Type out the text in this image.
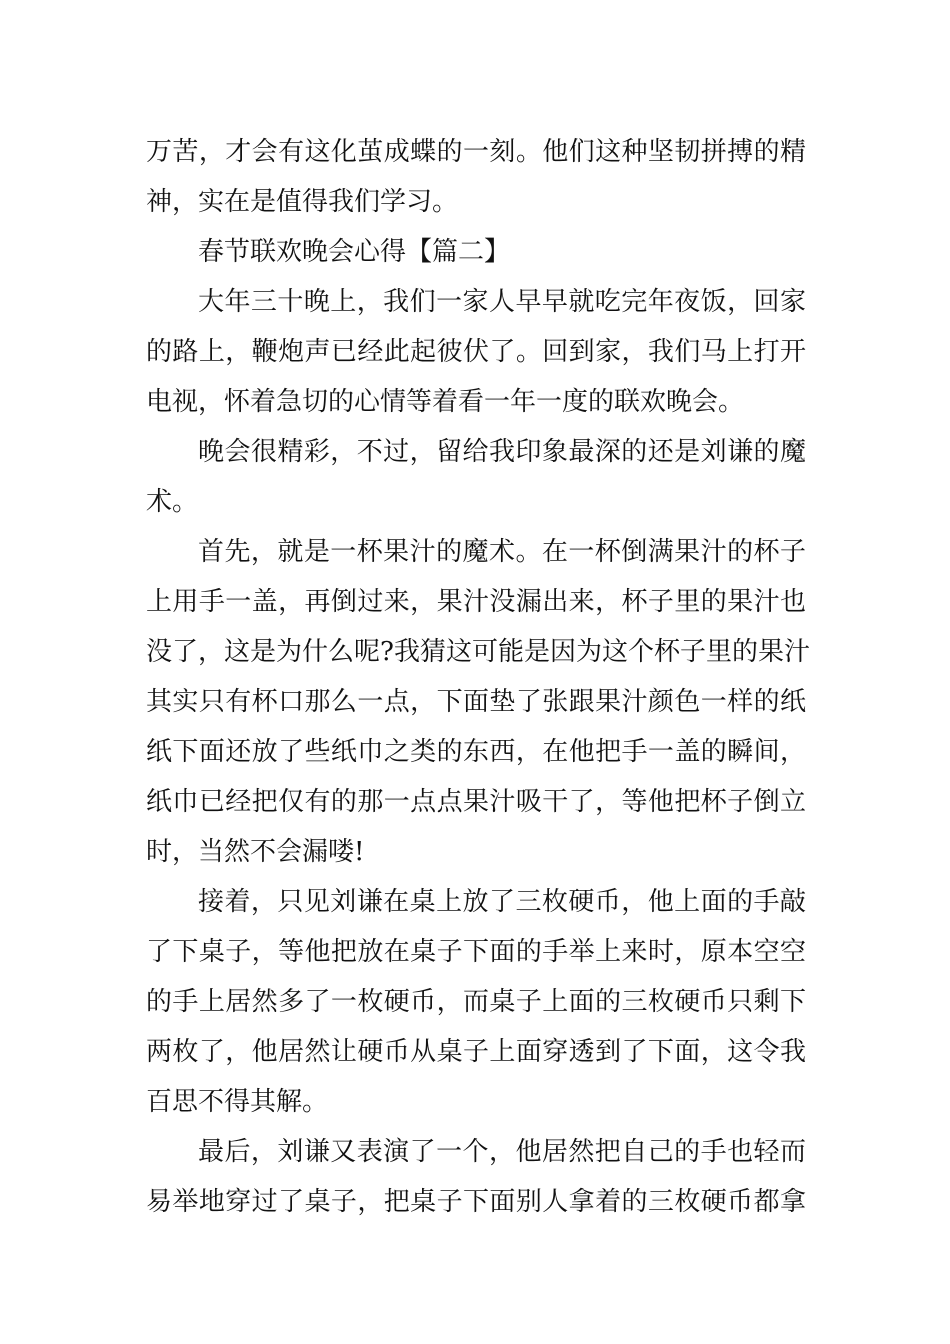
万苦，才会有这化茧成蝶的一刻。他们这种坚韧拼搏的精
神，实在是值得我们学习。
春节联欢晚会心得【篇二】
大年三十晚上，我们一家人早早就吃完年夜饭，回家
的路上，鞭炮声已经此起彼伏了。回到家，我们马上打开
电视，怀着急切的心情等着看一年一度的联欢晚会。
晚会很精彩，不过，留给我印象最深的还是刘谦的魔
术。
首先，就是一杯果汁的魔术。在一杯倒满果汁的杯子
上用手一盖，再倒过来，果汁没漏出来，杯子里的果汁也
没了，这是为什么呢?我猜这可能是因为这个杯子里的果汁
其实只有杯口那么一点，下面垫了张跟果汁颜色一样的纸
纸下面还放了些纸巾之类的东西，在他把手一盖的瞬间，
纸巾已经把仅有的那一点点果汁吸干了，等他把杯子倒立
时，当然不会漏喽!
接着，只见刘谦在桌上放了三枚硬币，他上面的手敲
了下桌子，等他把放在桌子下面的手举上来时，原本空空
的手上居然多了一枚硬币，而桌子上面的三枚硬币只剩下
两枚了，他居然让硬币从桌子上面穿透到了下面，这令我
百思不得其解。
最后，刘谦又表演了一个，他居然把自己的手也轻而
易举地穿过了桌子，把桌子下面别人拿着的三枚硬币都拿
